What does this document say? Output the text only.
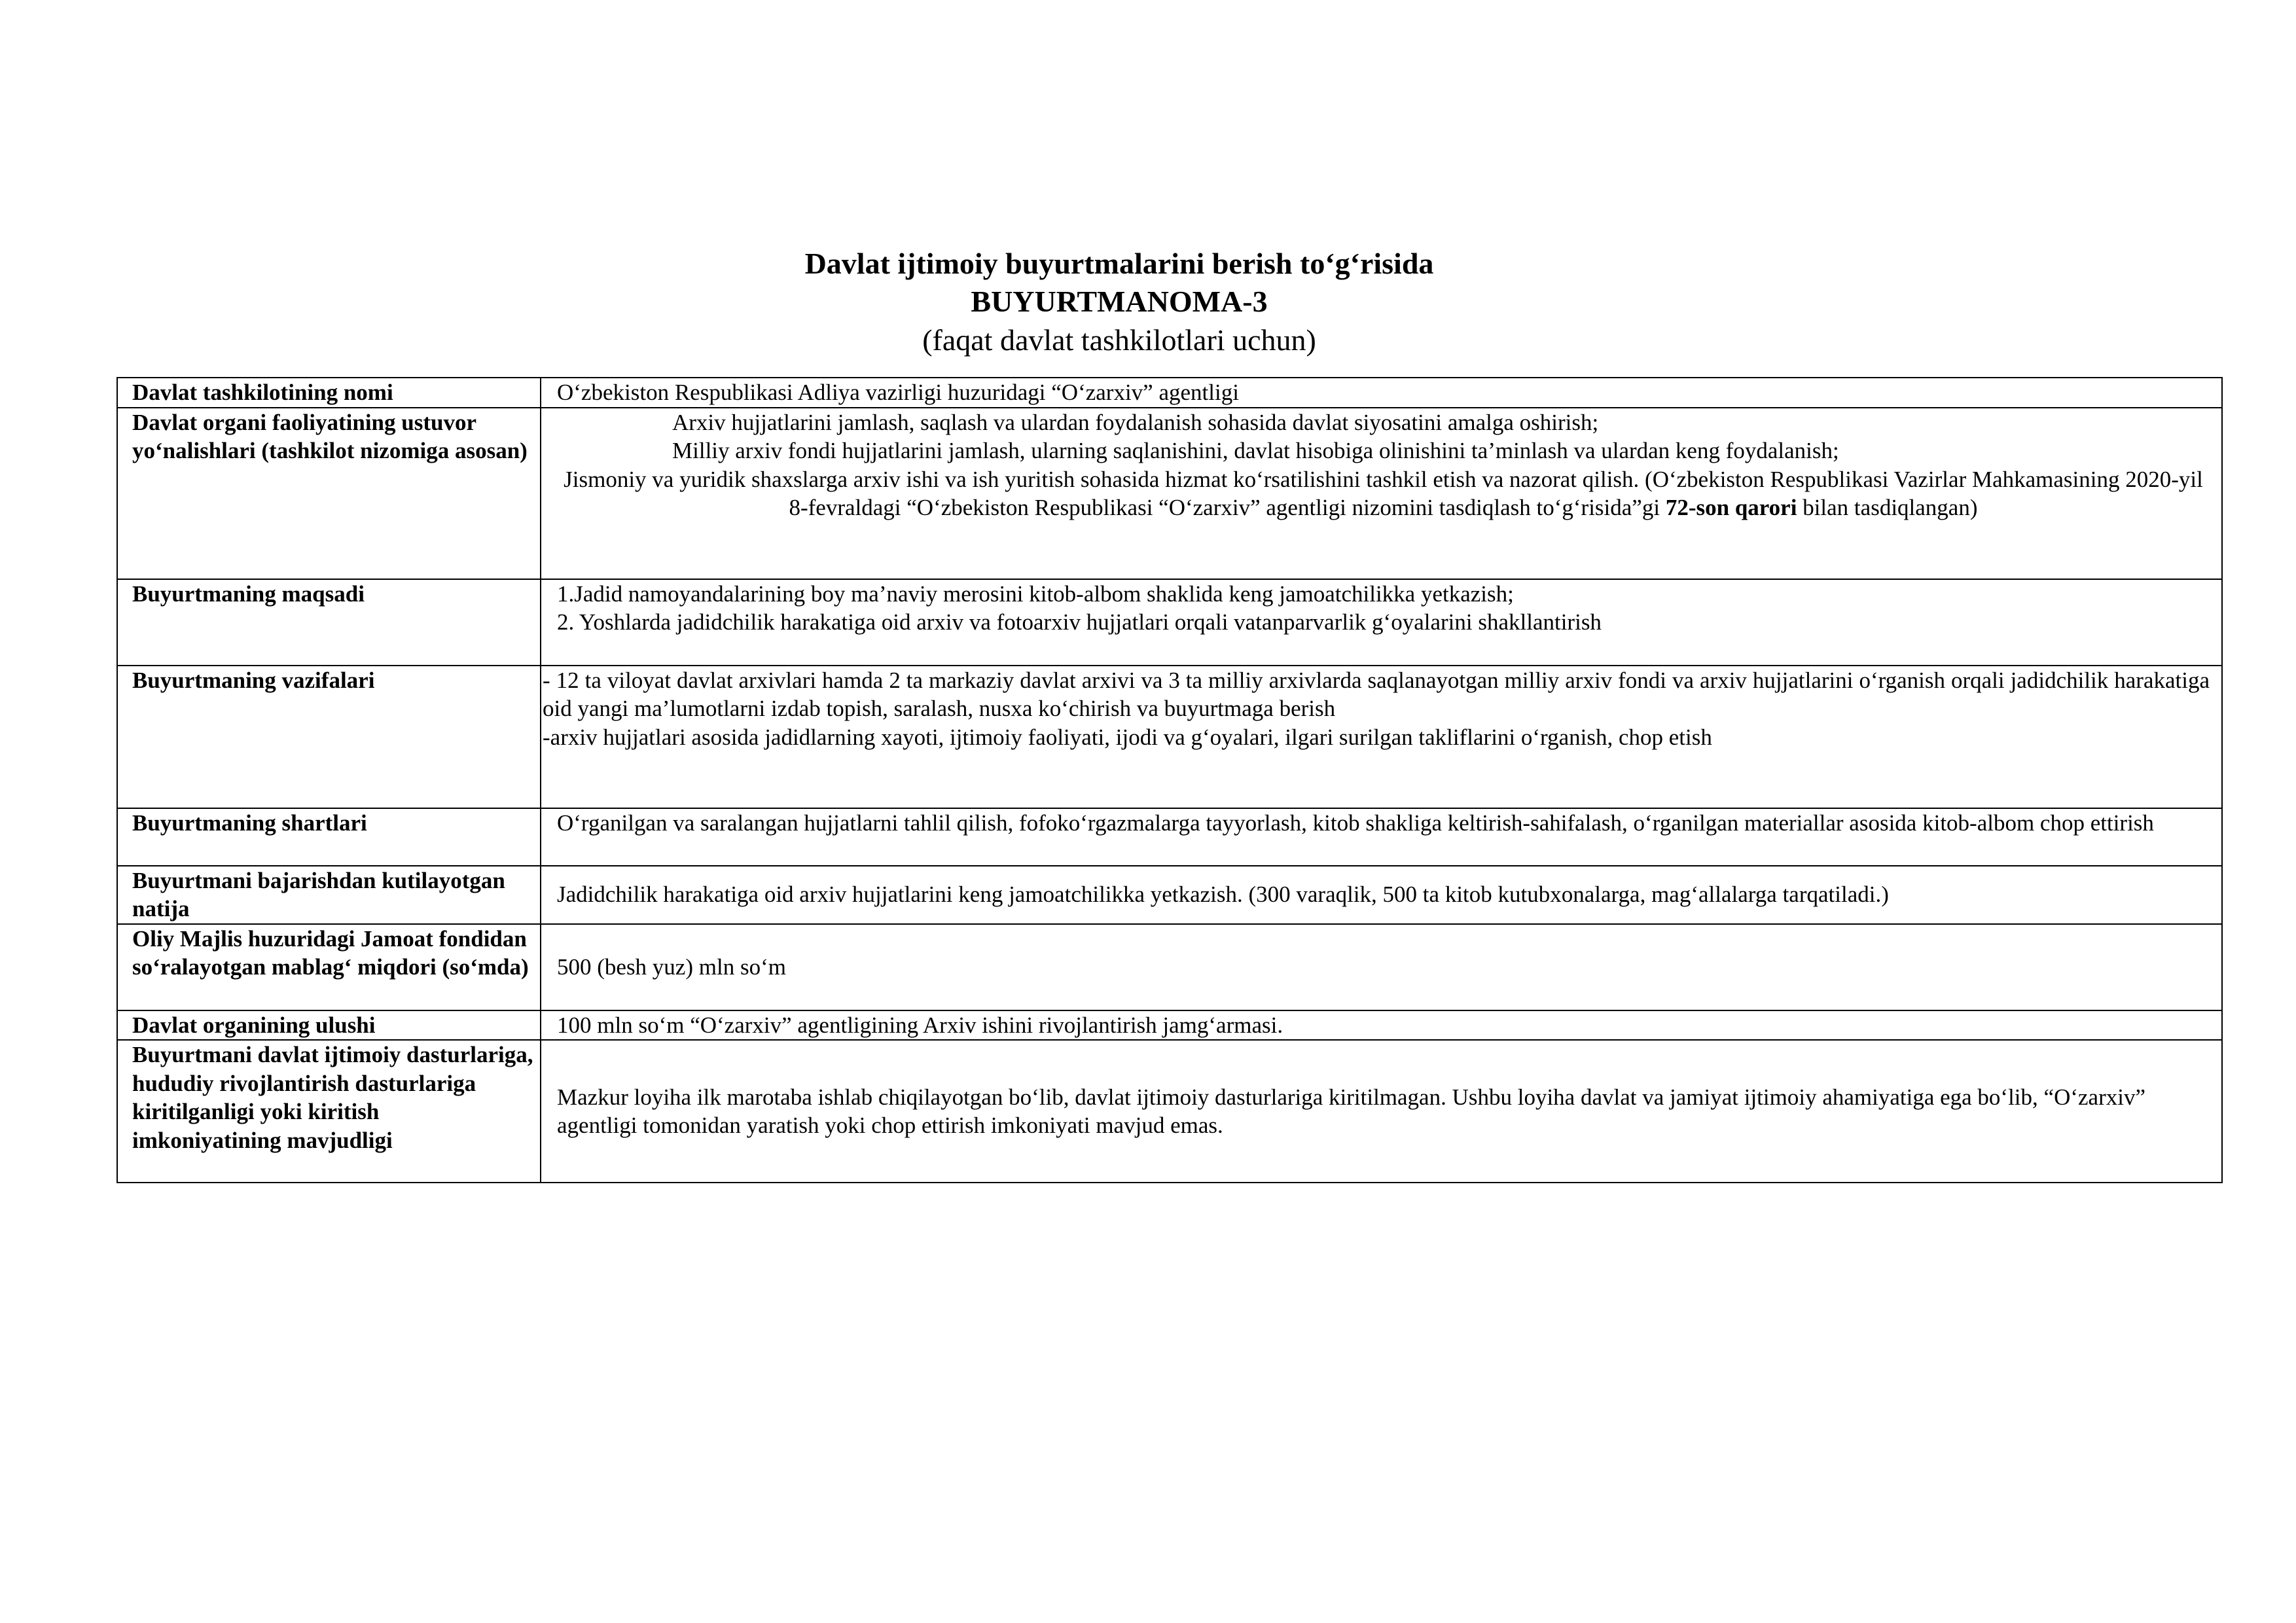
Davlat ijtimoiy buyurtmalarini berish to‘g‘risida
BUYURTMANOMA-3
(faqat davlat tashkilotlari uchun)
Davlat tashkilotining nomi	O‘zbekiston Respublikasi Adliya vazirligi huzuridagi “O‘zarxiv” agentligi
Davlat organi faoliyatining ustuvor yo‘nalishlari (tashkilot nizomiga asosan)	Arxiv hujjatlarini jamlash, saqlash va ulardan foydalanish sohasida davlat siyosatini amalga oshirish;
Milliy arxiv fondi hujjatlarini jamlash, ularning saqlanishini, davlat hisobiga olinishini ta’minlash va ulardan keng foydalanish;
Jismoniy va yuridik shaxslarga arxiv ishi va ish yuritish sohasida hizmat ko‘rsatilishini tashkil etish va nazorat qilish. (O‘zbekiston Respublikasi Vazirlar Mahkamasining 2020-yil 8-fevraldagi “O‘zbekiston Respublikasi “O‘zarxiv” agentligi nizomini tasdiqlash to‘g‘risida”gi 72-son qarori bilan tasdiqlangan)

Buyurtmaning maqsadi	1.Jadid namoyandalarining boy ma’naviy merosini kitob-albom shaklida keng jamoatchilikka yetkazish;
2. Yoshlarda jadidchilik harakatiga oid arxiv va fotoarxiv hujjatlari orqali vatanparvarlik g‘oyalarini shakllantirish

Buyurtmaning vazifalari	- 12 ta viloyat davlat arxivlari hamda 2 ta markaziy davlat arxivi va 3 ta milliy arxivlarda saqlanayotgan milliy arxiv fondi va arxiv hujjatlarini o‘rganish orqali jadidchilik harakatiga oid yangi ma’lumotlarni izdab topish, saralash, nusxa ko‘chirish va buyurtmaga berish
-arxiv hujjatlari asosida jadidlarning xayoti, ijtimoiy faoliyati, ijodi va g‘oyalari, ilgari surilgan takliflarini o‘rganish, chop etish

Buyurtmaning shartlari	O‘rganilgan va saralangan hujjatlarni tahlil qilish, fofoko‘rgazmalarga tayyorlash, kitob shakliga keltirish-sahifalash, o‘rganilgan materiallar asosida kitob-albom chop ettirish
Buyurtmani bajarishdan kutilayotgan natija	Jadidchilik harakatiga oid arxiv hujjatlarini keng jamoatchilikka yetkazish. (300 varaqlik, 500 ta kitob kutubxonalarga, mag‘allalarga tarqatiladi.)
Oliy Majlis huzuridagi Jamoat fondidan so‘ralayotgan mablag‘ miqdori (so‘mda)	500 (besh yuz) mln so‘m
Davlat organining ulushi	100 mln so‘m “O‘zarxiv” agentligining Arxiv ishini rivojlantirish jamg‘armasi.
Buyurtmani davlat ijtimoiy dasturlariga, hududiy rivojlantirish dasturlariga kiritilganligi yoki kiritish imkoniyatining mavjudligi	Mazkur loyiha ilk marotaba ishlab chiqilayotgan bo‘lib, davlat ijtimoiy dasturlariga kiritilmagan. Ushbu loyiha davlat va jamiyat ijtimoiy ahamiyatiga ega bo‘lib, “O‘zarxiv” agentligi tomonidan yaratish yoki chop ettirish imkoniyati mavjud emas.
